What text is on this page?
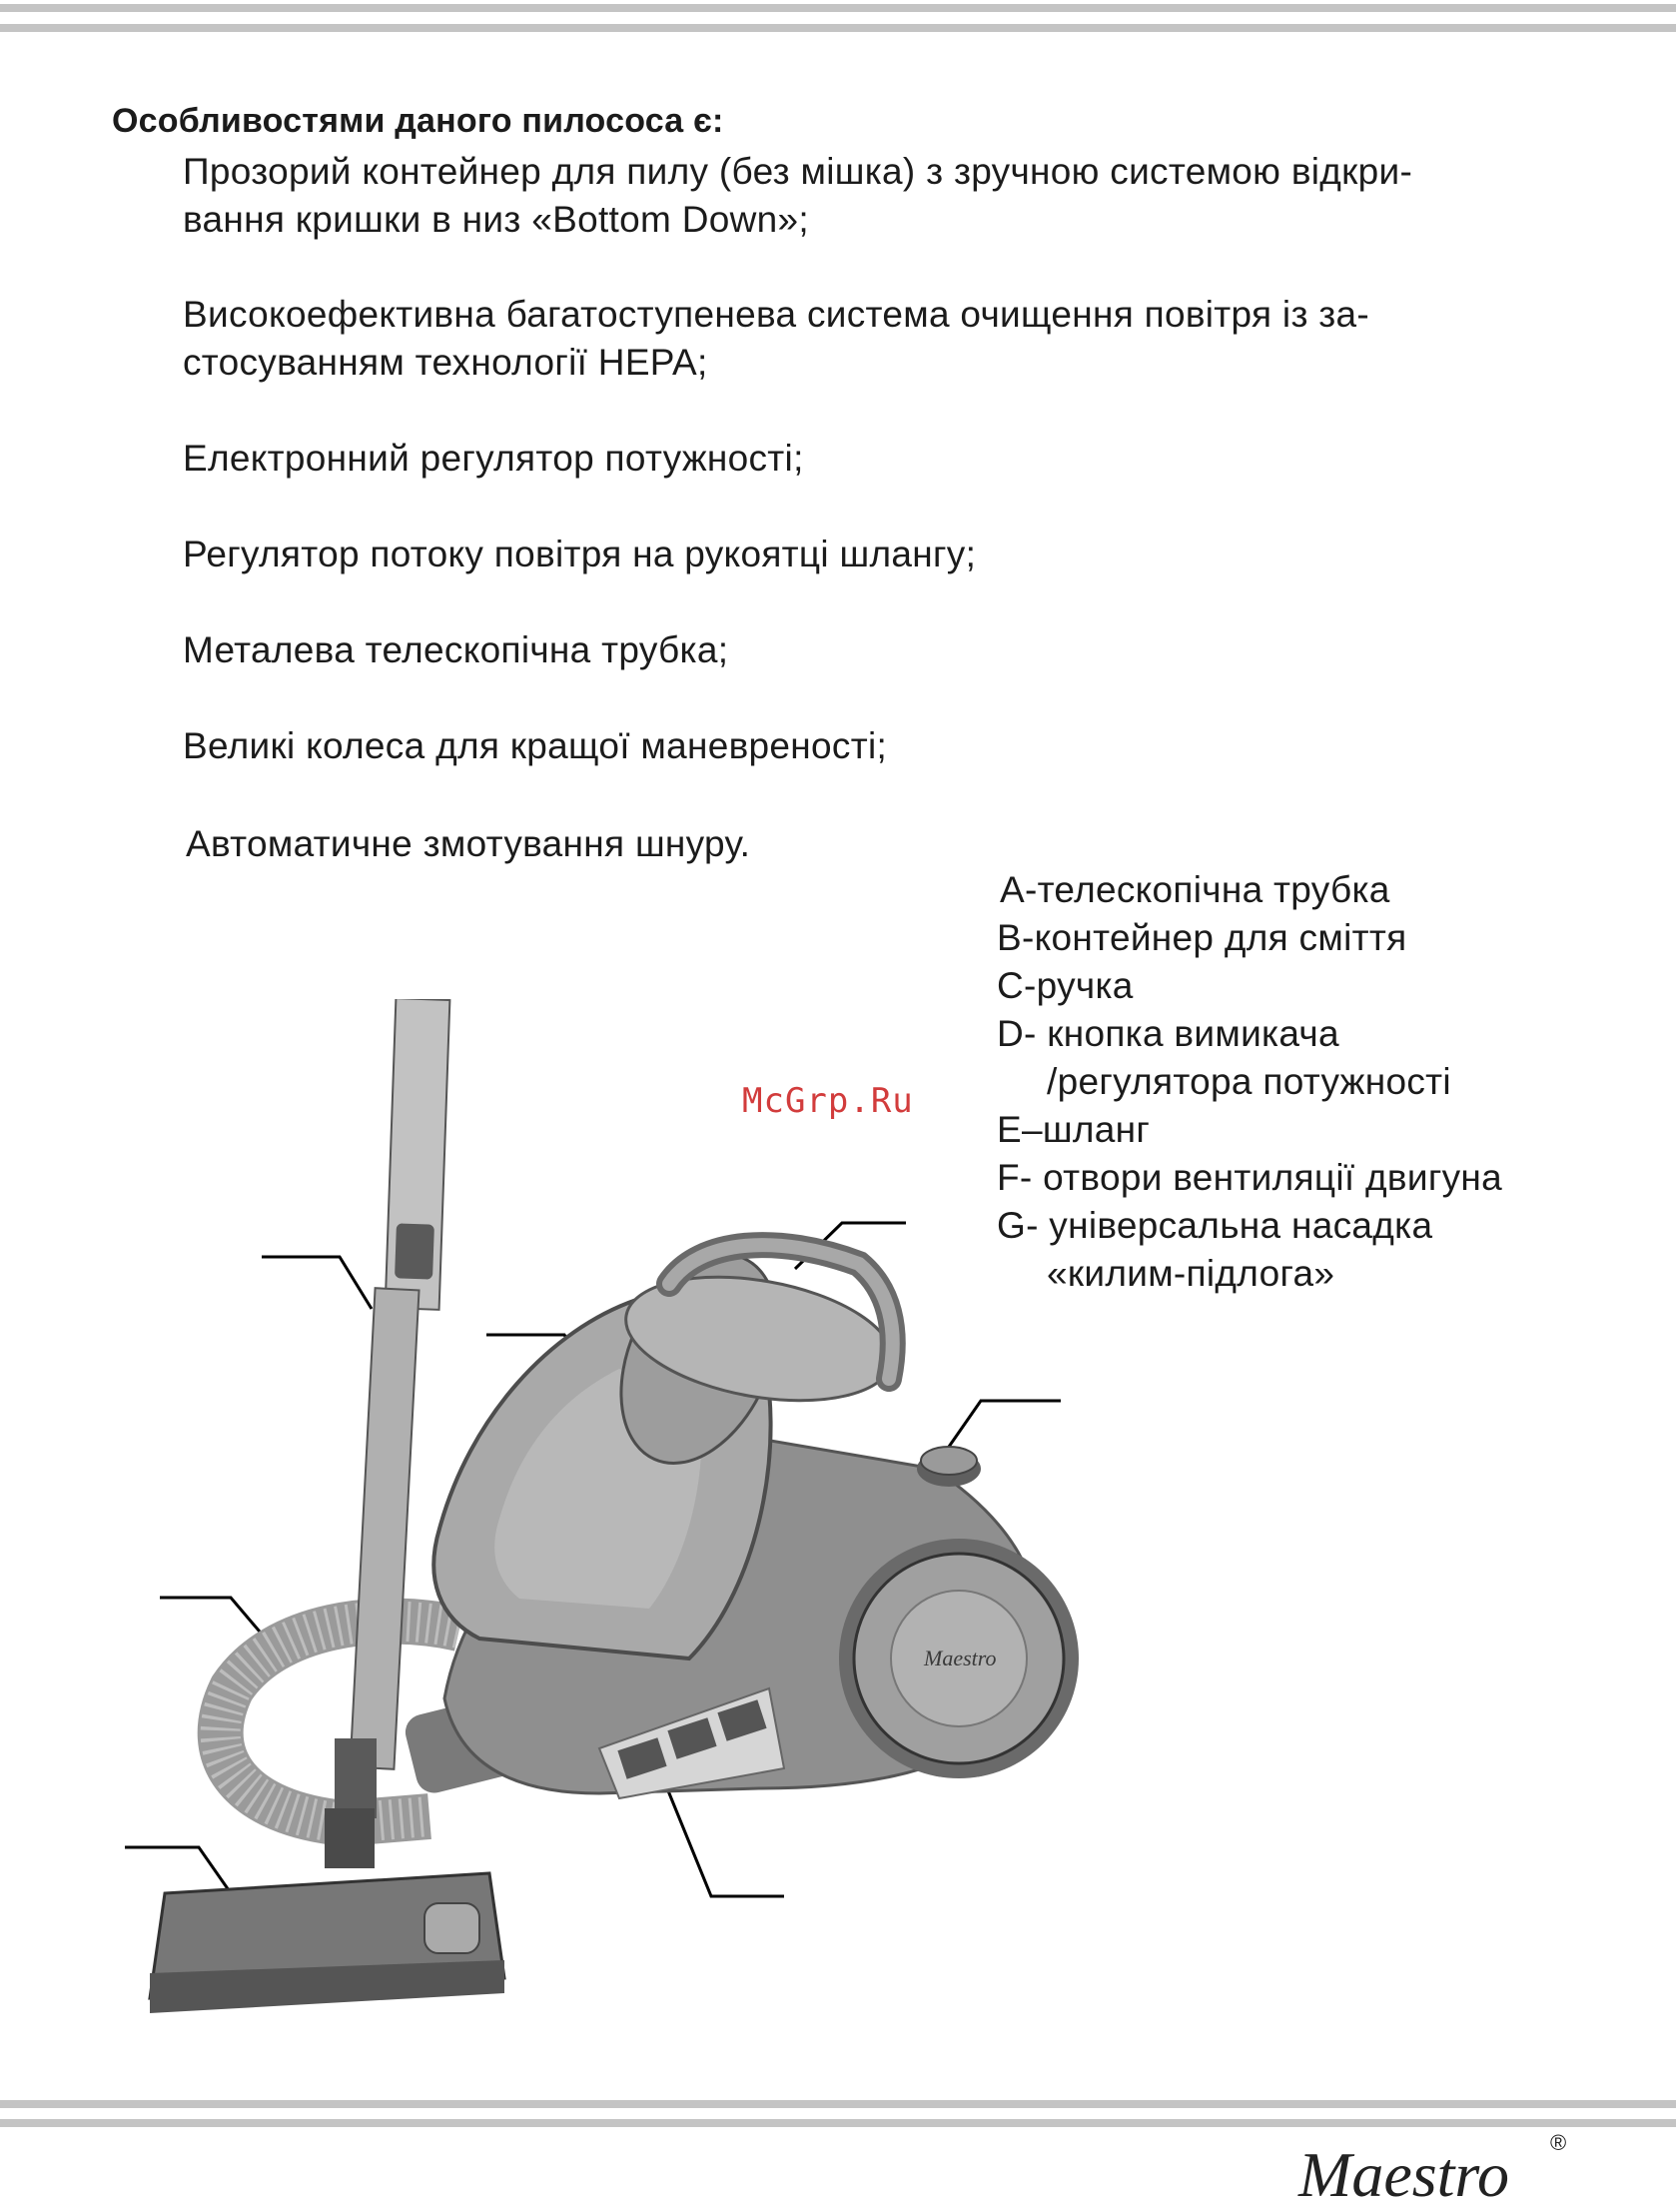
Особливостями даного пилососа є:

Прозорий контейнер для пилу (без мішка) з зручною системою відкри-
вання кришки в низ «Bottom Down»;

Високоефективна багатоступенева система очищення повітря із за-
стосуванням технології HEPA;

Електронний регулятор потужності;

Регулятор потоку повітря на рукоятці шлангу;

Металева телескопічна трубка;

Великі колеса для кращої маневреності;

Автоматичне змотування шнуру.

A-телескопічна трубка
B-контейнер для сміття
C-ручка
D- кнопка вимикача
/регулятора потужності
E–шланг
F- отвори вентиляції двигуна
G- універсальна насадка
«килим-підлога»
McGrp.Ru
Maestro
Maestro ®
